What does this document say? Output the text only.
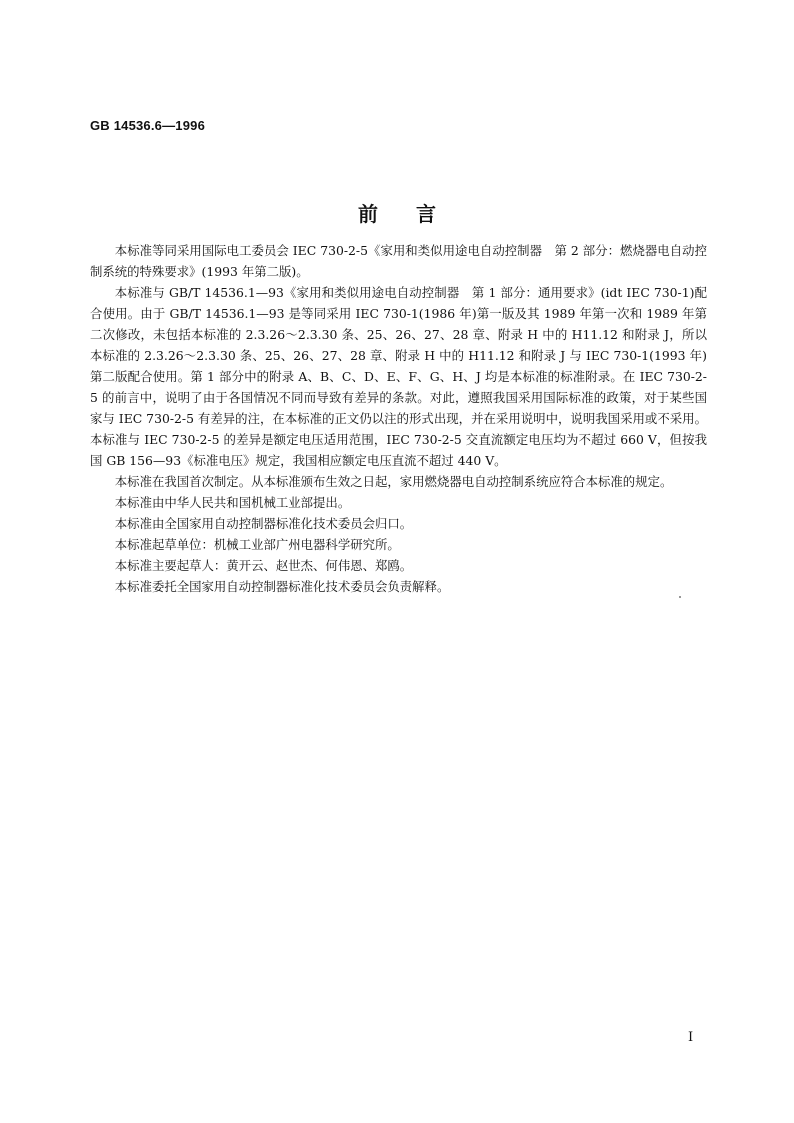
GB 14536.6—1996
前言

本标准等同采用国际电工委员会 IEC 730-2-5《家用和类似用途电自动控制器　第 2 部分：燃烧器电自动控制系统的特殊要求》(1993 年第二版)。

本标准与 GB/T 14536.1—93《家用和类似用途电自动控制器　第 1 部分：通用要求》(idt IEC 730-1)配合使用。由于 GB/T 14536.1—93 是等同采用 IEC 730-1(1986 年)第一版及其 1989 年第一次和 1989 年第二次修改，未包括本标准的 2.3.26～2.3.30 条、25、26、27、28 章、附录 H 中的 H11.12 和附录 J，所以本标准的 2.3.26～2.3.30 条、25、26、27、28 章、附录 H 中的 H11.12 和附录 J 与 IEC 730-1(1993 年)第二版配合使用。第 1 部分中的附录 A、B、C、D、E、F、G、H、J 均是本标准的标准附录。在 IEC 730-2-5 的前言中，说明了由于各国情况不同而导致有差异的条款。对此，遵照我国采用国际标准的政策，对于某些国家与 IEC 730-2-5 有差异的注，在本标准的正文仍以注的形式出现，并在采用说明中，说明我国采用或不采用。本标准与 IEC 730-2-5 的差异是额定电压适用范围，IEC 730-2-5 交直流额定电压均为不超过 660 V，但按我国 GB 156—93《标准电压》规定，我国相应额定电压直流不超过 440 V。

本标准在我国首次制定。从本标准颁布生效之日起，家用燃烧器电自动控制系统应符合本标准的规定。

本标准由中华人民共和国机械工业部提出。

本标准由全国家用自动控制器标准化技术委员会归口。

本标准起草单位：机械工业部广州电器科学研究所。

本标准主要起草人：黄开云、赵世杰、何伟恩、郑鸥。

本标准委托全国家用自动控制器标准化技术委员会负责解释。

I
